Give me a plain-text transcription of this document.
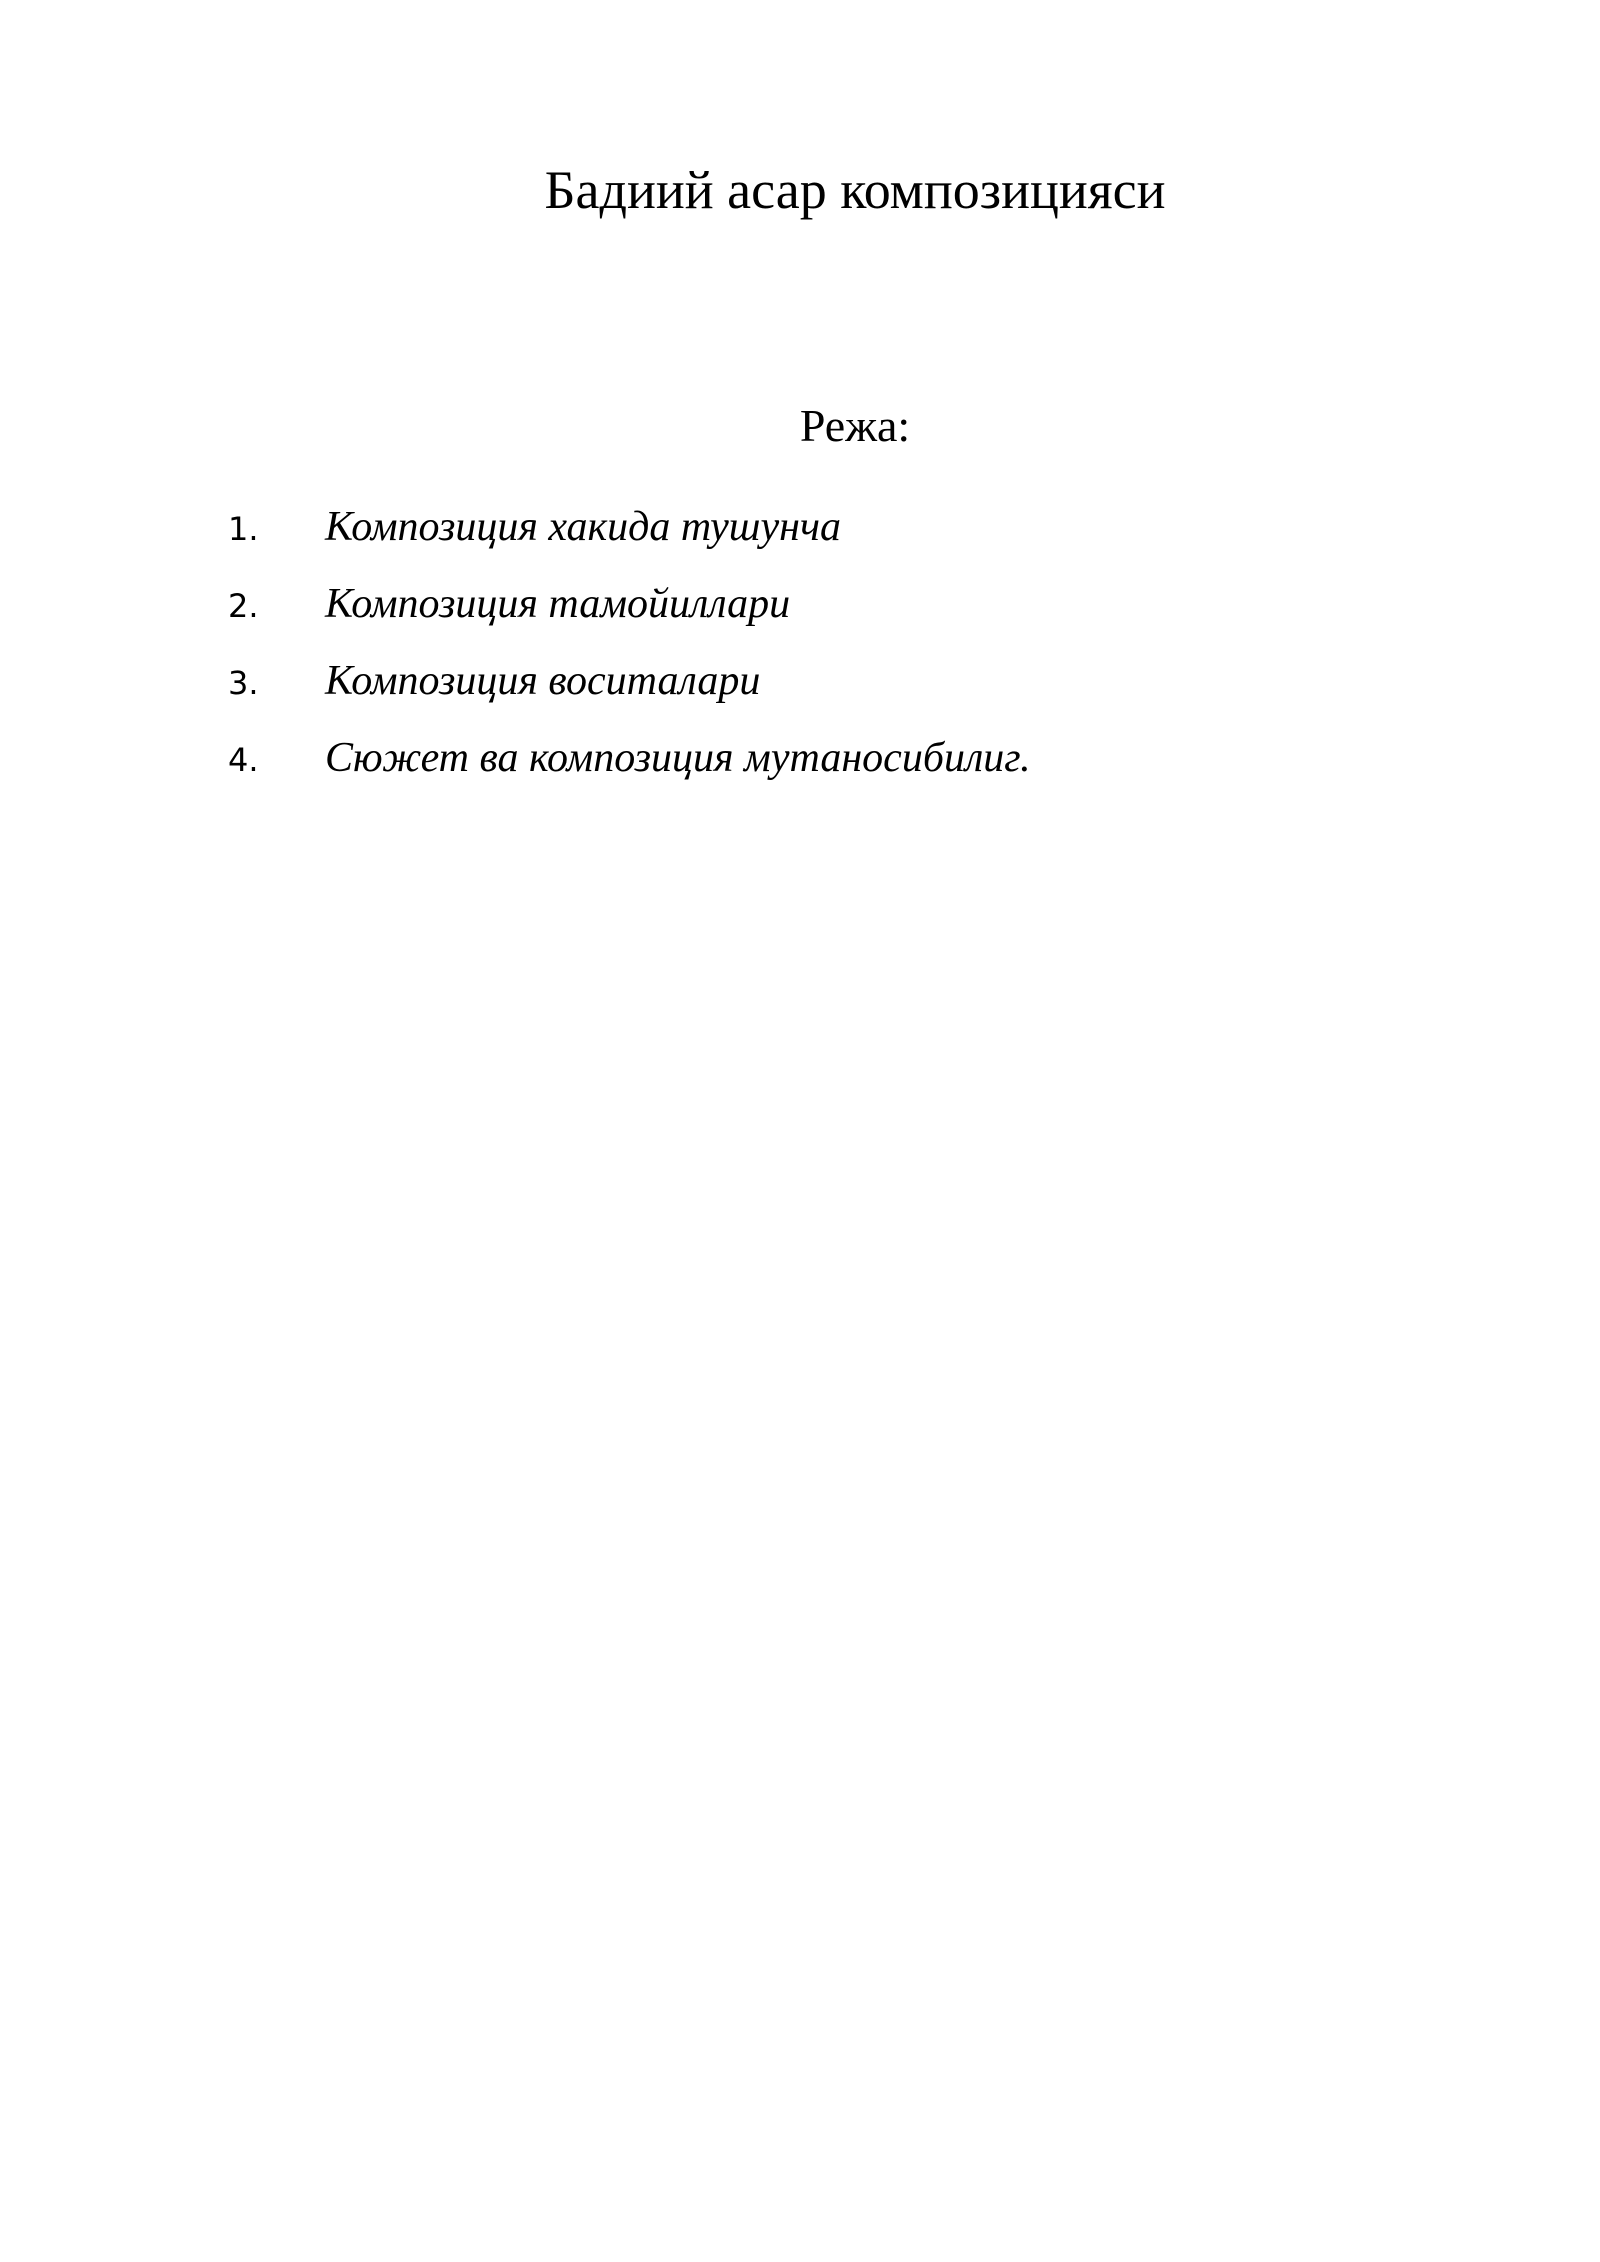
Бадиий асар композицияси
Режа:
1.	Композиция хакида тушунча
2.	Композиция тамойиллари
3.	Композиция воситалари
4.	Сюжет ва композиция мутаносибилиг.
